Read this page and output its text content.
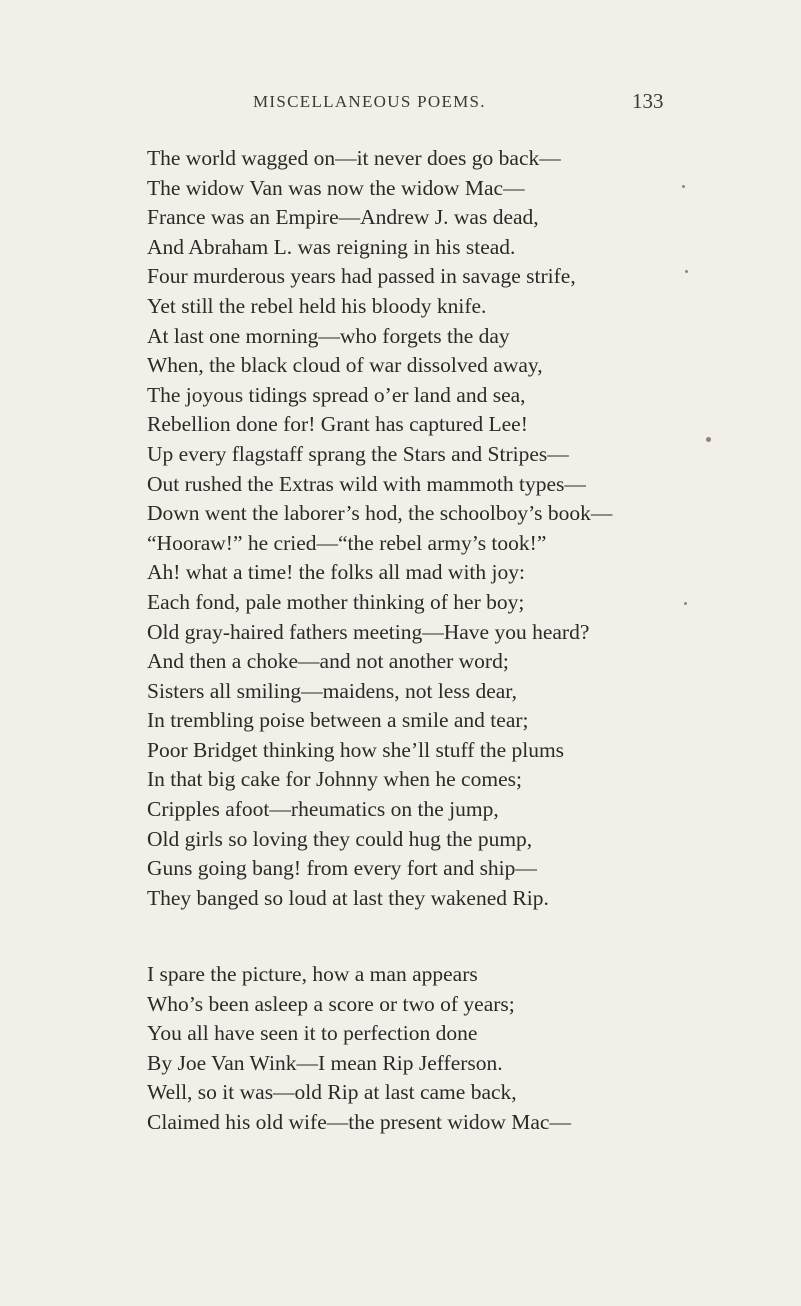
MISCELLANEOUS POEMS.	133
The world wagged on—it never does go back—
The widow Van was now the widow Mac—
France was an Empire—Andrew J. was dead,
And Abraham L. was reigning in his stead.
Four murderous years had passed in savage strife,
Yet still the rebel held his bloody knife.
At last one morning—who forgets the day
When, the black cloud of war dissolved away,
The joyous tidings spread o’er land and sea,
Rebellion done for! Grant has captured Lee!
Up every flagstaff sprang the Stars and Stripes—
Out rushed the Extras wild with mammoth types—
Down went the laborer’s hod, the schoolboy’s book—
“Hooraw!” he cried—“the rebel army’s took!”
Ah! what a time! the folks all mad with joy:
Each fond, pale mother thinking of her boy;
Old gray-haired fathers meeting—Have you heard?
And then a choke—and not another word;
Sisters all smiling—maidens, not less dear,
In trembling poise between a smile and tear;
Poor Bridget thinking how she’ll stuff the plums
In that big cake for Johnny when he comes;
Cripples afoot—rheumatics on the jump,
Old girls so loving they could hug the pump,
Guns going bang! from every fort and ship—
They banged so loud at last they wakened Rip.
I spare the picture, how a man appears
Who’s been asleep a score or two of years;
You all have seen it to perfection done
By Joe Van Wink—I mean Rip Jefferson.
Well, so it was—old Rip at last came back,
Claimed his old wife—the present widow Mac—
